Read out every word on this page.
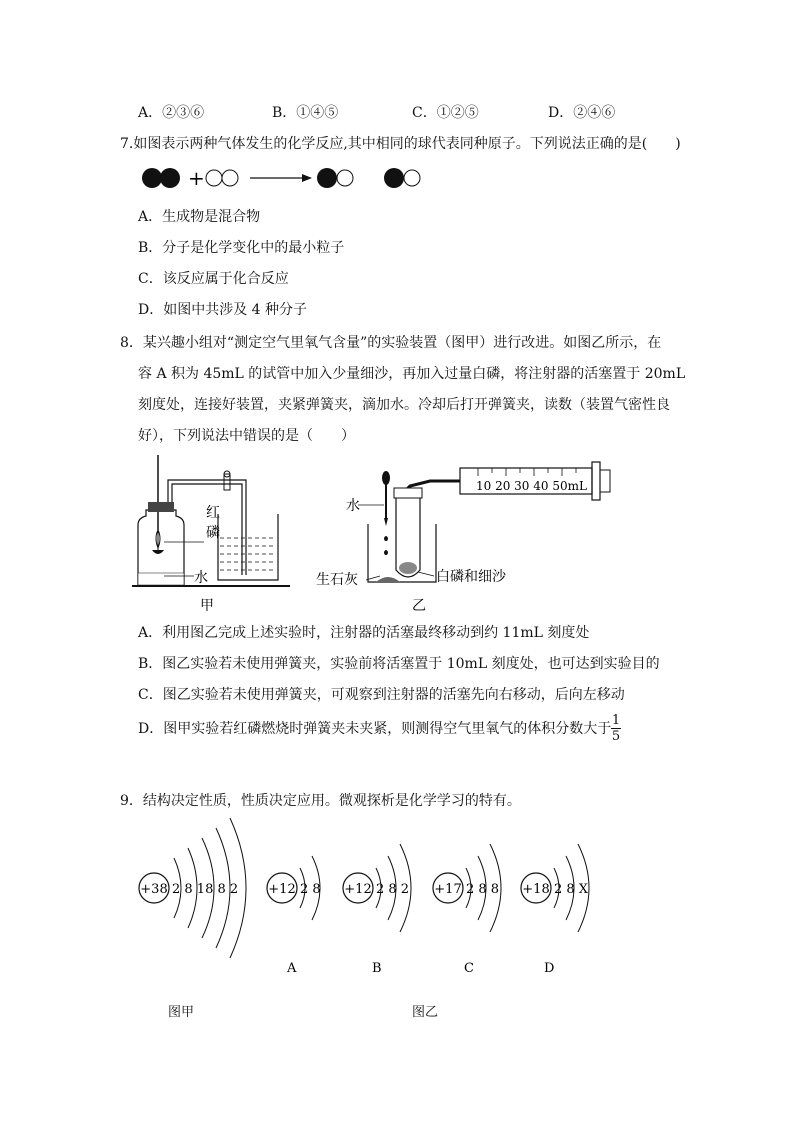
A．②③⑥	B．①④⑤	C．①②⑤	D．②④⑥
7.如图表示两种气体发生的化学反应,其中相同的球代表同种原子。下列说法正确的是(　　)
+
A．生成物是混合物
B．分子是化学变化中的最小粒子
C．该反应属于化合反应
D．如图中共涉及 4 种分子
8．某兴趣小组对“测定空气里氧气含量”的实验装置（图甲）进行改进。如图乙所示，在
容 A 积为 45mL 的试管中加入少量细沙，再加入过量白磷，将注射器的活塞置于 20mL
刻度处，连接好装置，夹紧弹簧夹，滴加水。冷却后打开弹簧夹，读数（装置气密性良
好），下列说法中错误的是（　　）
红
磷
水
甲
10 20 30 40 50mL
水
生石灰	白磷和细沙
乙
A．利用图乙完成上述实验时，注射器的活塞最终移动到约 11mL 刻度处
B．图乙实验若未使用弹簧夹，实验前将活塞置于 10mL 刻度处，也可达到实验目的
C．图乙实验若未使用弹簧夹，可观察到注射器的活塞先向右移动，后向左移动
D．图甲实验若红磷燃烧时弹簧夹未夹紧，则测得空气里氧气的体积分数大于
1
5
9．结构决定性质，性质决定应用。微观探析是化学学习的特有。
+38 2 8 18 8 2 +12 2 8
A
+12 2 8 2
B
+17 2 8 8
C
+18 2 8 X
D
图甲	图乙
